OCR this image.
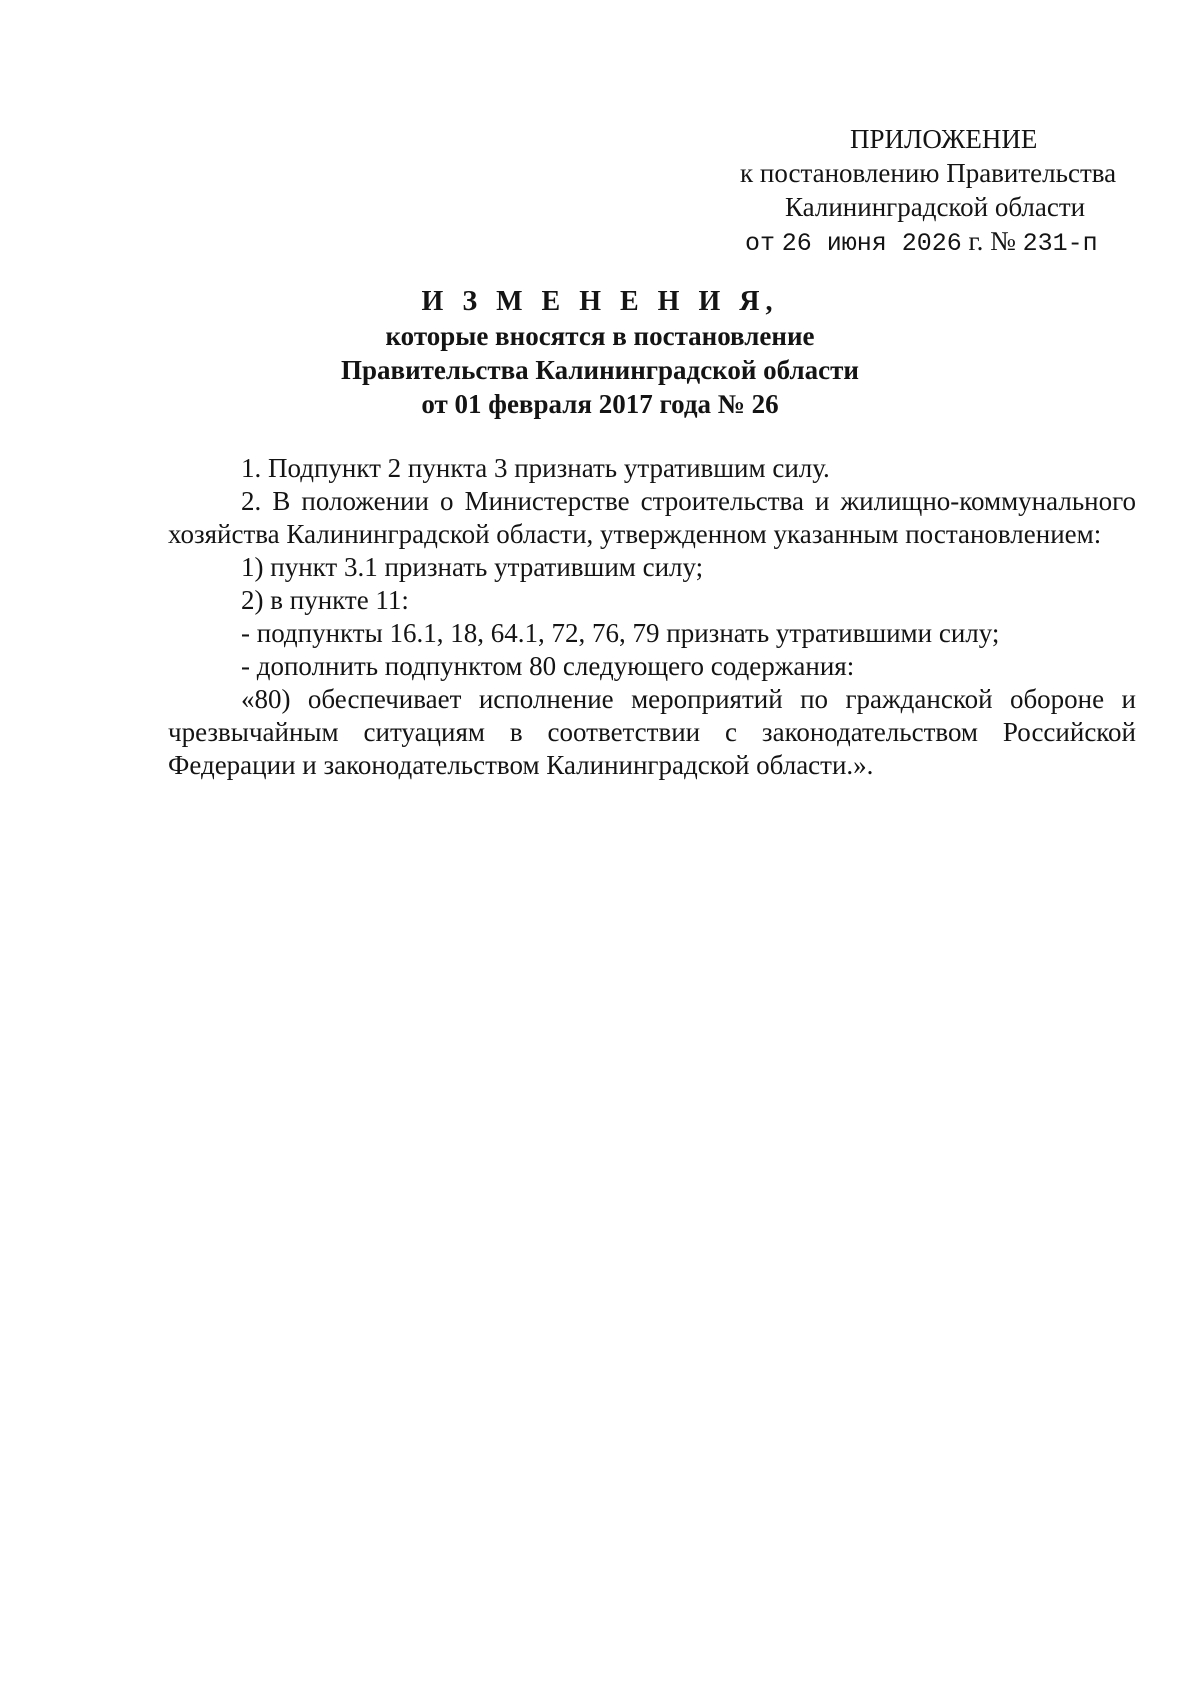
ПРИЛОЖЕНИЕ
к постановлению Правительства
Калининградской области
от 26 июня 2026 г. № 231-п
И З М Е Н Е Н И Я,
которые вносятся в постановление
Правительства Калининградской области
от 01 февраля 2017 года № 26
1. Подпункт 2 пункта 3 признать утратившим силу.
2. В положении о Министерстве строительства и жилищно-коммунального хозяйства Калининградской области, утвержденном указанным постановлением:
1) пункт 3.1 признать утратившим силу;
2) в пункте 11:
- подпункты 16.1, 18, 64.1, 72, 76, 79 признать утратившими силу;
- дополнить подпунктом 80 следующего содержания:
«80) обеспечивает исполнение мероприятий по гражданской обороне и чрезвычайным ситуациям в соответствии с законодательством Российской Федерации и законодательством Калининградской области.».
